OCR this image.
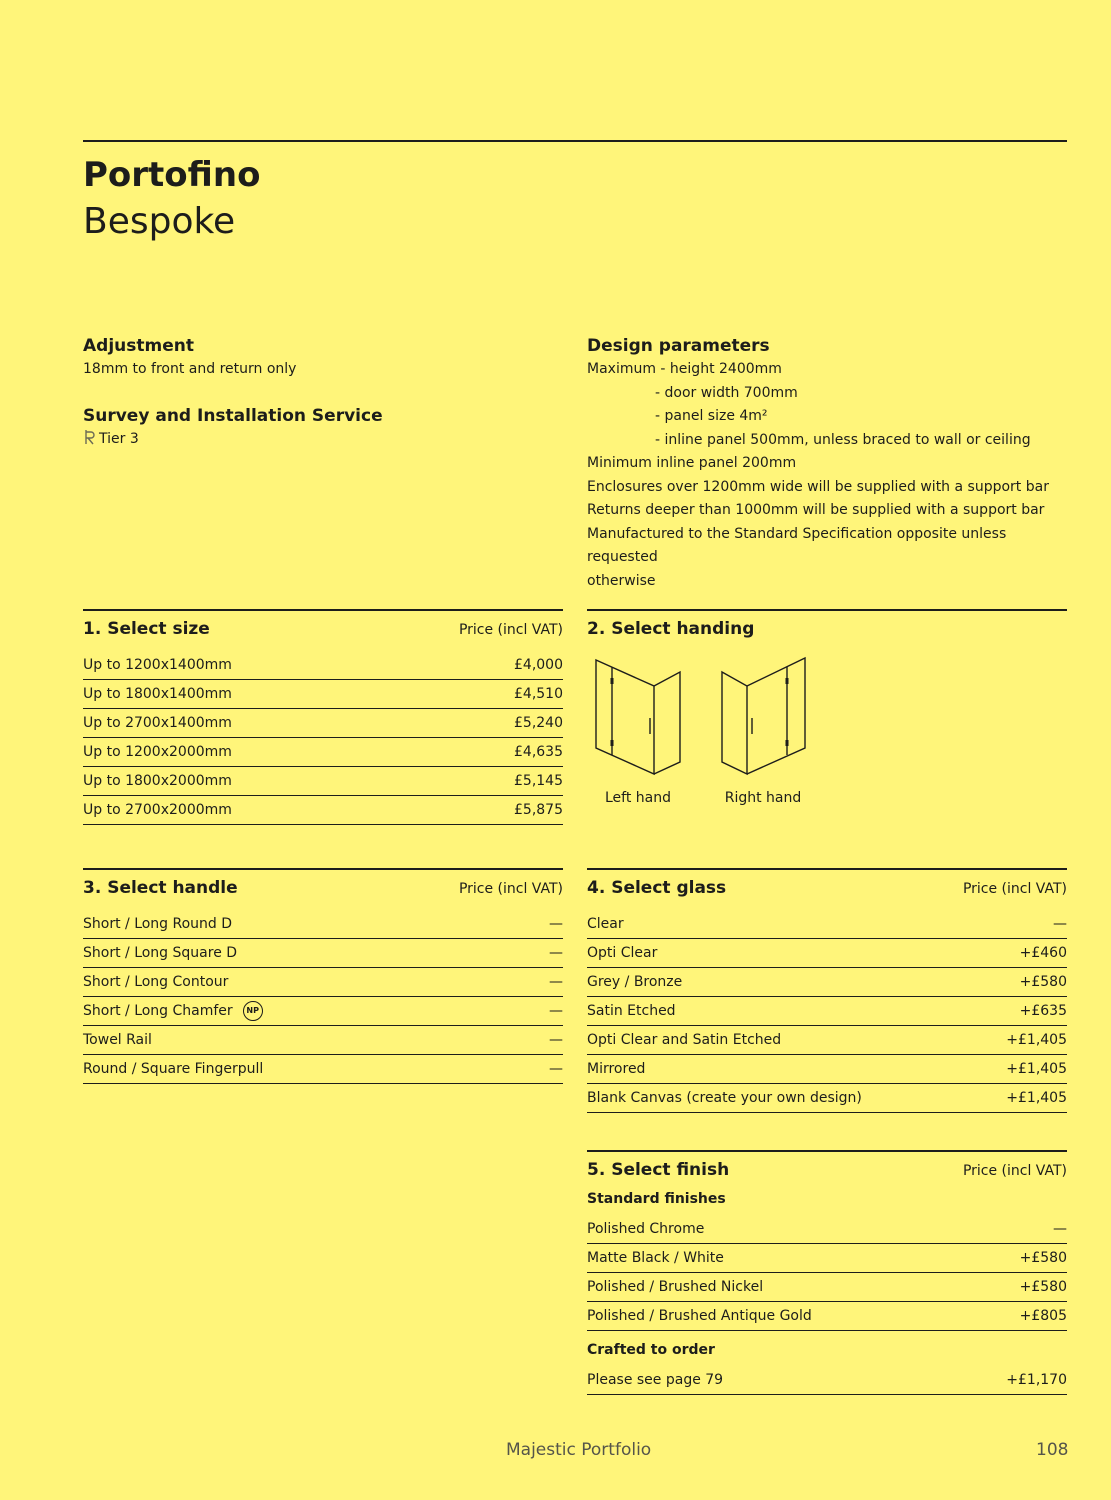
Portofino
Bespoke
Adjustment
18mm to front and return only
Survey and Installation Service
Tier 3
Design parameters
Maximum - height 2400mm
- door width 700mm
- panel size 4m²
- inline panel 500mm, unless braced to wall or ceiling
Minimum inline panel 200mm
Enclosures over 1200mm wide will be supplied with a support bar
Returns deeper than 1000mm will be supplied with a support bar
Manufactured to the Standard Specification opposite unless requested
otherwise
1. Select size	Price (incl VAT)
Up to 1200x1400mm	£4,000
Up to 1800x1400mm	£4,510
Up to 2700x1400mm	£5,240
Up to 1200x2000mm	£4,635
Up to 1800x2000mm	£5,145
Up to 2700x2000mm	£5,875
2. Select handing
Left hand	Right hand
3. Select handle	Price (incl VAT)
Short / Long Round D	—
Short / Long Square D	—
Short / Long Contour	—
Short / Long Chamfer NP	—
Towel Rail	—
Round / Square Fingerpull	—
4. Select glass	Price (incl VAT)
Clear	—
Opti Clear	+£460
Grey / Bronze	+£580
Satin Etched	+£635
Opti Clear and Satin Etched	+£1,405
Mirrored	+£1,405
Blank Canvas (create your own design)	+£1,405
5. Select finish	Price (incl VAT)
Standard finishes
Polished Chrome	—
Matte Black / White	+£580
Polished / Brushed Nickel	+£580
Polished / Brushed Antique Gold	+£805
Crafted to order
Please see page 79	+£1,170
Majestic Portfolio	108
